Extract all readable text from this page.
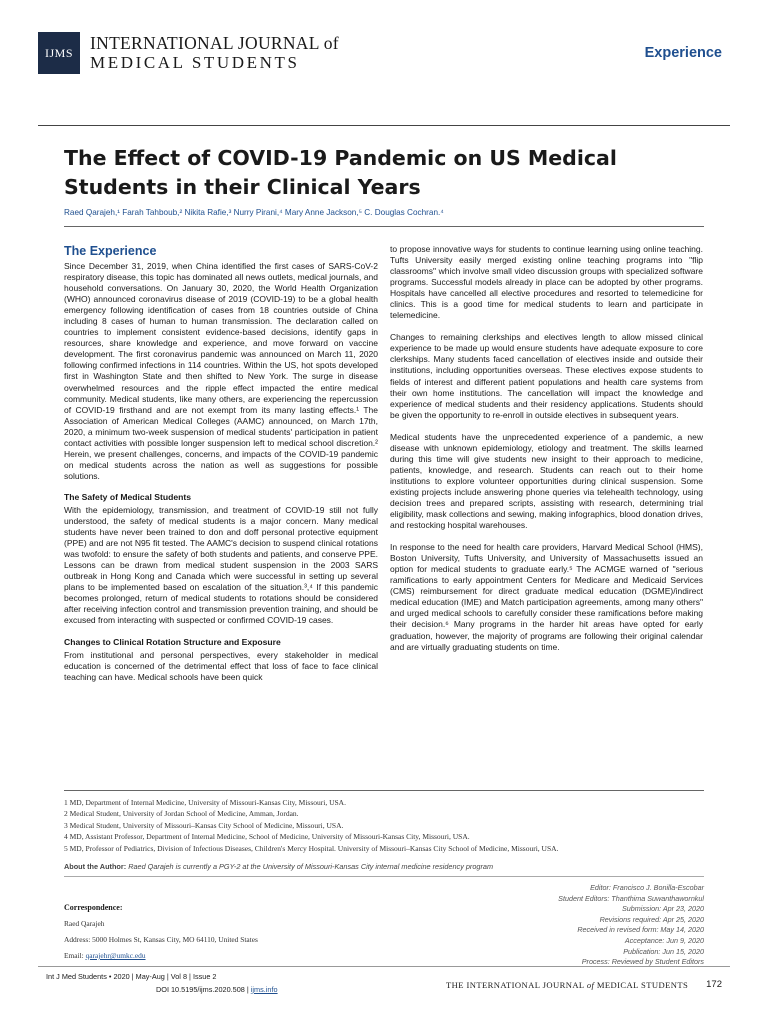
IJMS INTERNATIONAL JOURNAL of
MEDICAL STUDENTS	Experience
The Effect of COVID-19 Pandemic on US Medical Students in their Clinical Years
Raed Qarajeh,¹ Farah Tahboub,² Nikita Rafie,³ Nurry Pirani,⁴ Mary Anne Jackson,⁵ C. Douglas Cochran.⁴
The Experience

Since December 31, 2019, when China identified the first cases of SARS-CoV-2 respiratory disease, this topic has dominated all news outlets, medical journals, and household conversations. On January 30, 2020, the World Health Organization (WHO) announced coronavirus disease of 2019 (COVID-19) to be a global health emergency following identification of cases from 18 countries outside of China including 8 cases of human to human transmission. The declaration called on countries to implement consistent evidence-based decisions, identify gaps in resources, share knowledge and experience, and move forward on vaccine development. The first coronavirus pandemic was announced on March 11, 2020 following confirmed infections in 114 countries. Within the US, hot spots developed first in Washington State and then shifted to New York. The surge in disease overwhelmed resources and the ripple effect impacted the entire medical community. Medical students, like many others, are experiencing the repercussion of COVID-19 firsthand and are not exempt from its many lasting effects.¹ The Association of American Medical Colleges (AAMC) announced, on March 17th, 2020, a minimum two-week suspension of medical students' participation in patient contact activities with possible longer suspension left to medical school discretion.² Herein, we present challenges, concerns, and impacts of the COVID-19 pandemic on medical students across the nation as well as suggestions for possible solutions.

The Safety of Medical Students

With the epidemiology, transmission, and treatment of COVID-19 still not fully understood, the safety of medical students is a major concern. Many medical students have never been trained to don and doff personal protective equipment (PPE) and are not N95 fit tested. The AAMC's decision to suspend clinical rotations was twofold: to ensure the safety of both students and patients, and conserve PPE. Lessons can be drawn from medical student suspension in the 2003 SARS outbreak in Hong Kong and Canada which were successful in setting up several plans to be implemented based on escalation of the situation.³,⁴ If this pandemic becomes prolonged, return of medical students to rotations should be considered after receiving infection control and transmission prevention training, and should be excused from interacting with suspected or confirmed COVID-19 cases.

Changes to Clinical Rotation Structure and Exposure

From institutional and personal perspectives, every stakeholder in medical education is concerned of the detrimental effect that loss of face to face clinical teaching can have. Medical schools have been quick

to propose innovative ways for students to continue learning using online teaching. Tufts University easily merged existing online teaching programs into "flip classrooms" which involve small video discussion groups with specialized software programs. Successful models already in place can be adopted by other programs. Hospitals have cancelled all elective procedures and resorted to telemedicine for clinics. This is a good time for medical students to learn and participate in telemedicine.

Changes to remaining clerkships and electives length to allow missed clinical experience to be made up would ensure students have adequate exposure to core clerkships. Many students faced cancellation of electives inside and outside their institutions, including opportunities overseas. These electives expose students to fields of interest and different patient populations and health care systems from their own home institutions. The cancellation will impact the knowledge and experience of medical students and their residency applications. Students should be given the opportunity to re-enroll in outside electives in subsequent years.

Medical students have the unprecedented experience of a pandemic, a new disease with unknown epidemiology, etiology and treatment. The skills learned during this time will give students new insight to their approach to medicine, patients, knowledge, and research. Students can reach out to their home institutions to explore volunteer opportunities during clinical suspension. Some existing projects include answering phone queries via telehealth technology, using decision trees and prepared scripts, assisting with research, determining trial eligibility, mask collections and sewing, making infographics, blood donation drives, and restocking hospital warehouses.

In response to the need for health care providers, Harvard Medical School (HMS), Boston University, Tufts University, and University of Massachusetts issued an option for medical students to graduate early.⁵ The ACMGE warned of "serious ramifications to early appointment Centers for Medicare and Medicaid Services (CMS) reimbursement for direct graduate medical education (DGME)/indirect medical education (IME) and Match participation agreements, among many others" and urged medical schools to carefully consider these ramifications before making their decision.⁶ Many programs in the harder hit areas have opted for early graduation, however, the majority of programs are following their original calendar and are virtually graduating students on time.

1 MD, Department of Internal Medicine, University of Missouri-Kansas City, Missouri, USA.
2 Medical Student, University of Jordan School of Medicine, Amman, Jordan.
3 Medical Student, University of Missouri–Kansas City School of Medicine, Missouri, USA.
4 MD, Assistant Professor, Department of Internal Medicine, School of Medicine, University of Missouri-Kansas City, Missouri, USA.
5 MD, Professor of Pediatrics, Division of Infectious Diseases, Children's Mercy Hospital. University of Missouri–Kansas City School of Medicine, Missouri, USA.
About the Author: Raed Qarajeh is currently a PGY-2 at the University of Missouri-Kansas City internal medicine residency program
Correspondence:
Raed Qarajeh
Address: 5000 Holmes St, Kansas City, MO 64110, United States
Email: qarajehr@umkc.edu
Editor: Francisco J. Bonilla-Escobar
Student Editors: Thanthima Suwanthawornkul
Submission: Apr 23, 2020
Revisions required: Apr 25, 2020
Received in revised form: May 14, 2020
Acceptance: Jun 9, 2020
Publication: Jun 15, 2020
Process: Reviewed by Student Editors
Int J Med Students • 2020 | May-Aug | Vol 8 | Issue 2
DOI 10.5195/ijms.2020.508 | ijms.info	THE INTERNATIONAL JOURNAL of MEDICAL STUDENTS 172
